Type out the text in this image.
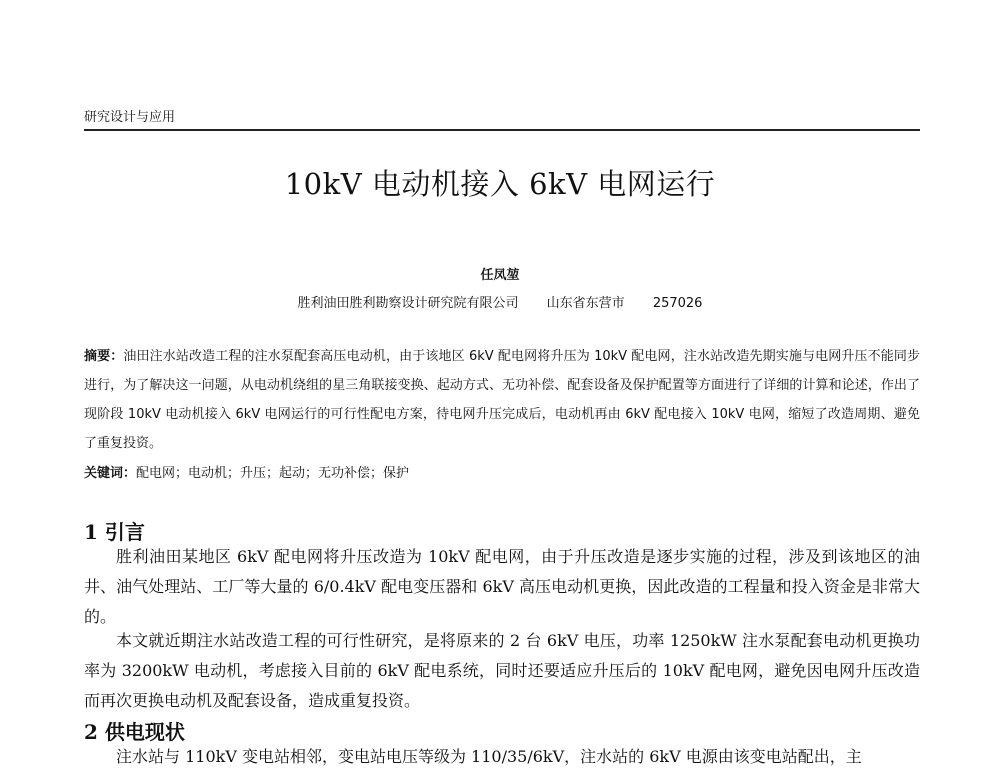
研究设计与应用
10kV 电动机接入 6kV 电网运行
任凤堃
胜利油田胜利勘察设计研究院有限公司 山东省东营市 257026
摘要：油田注水站改造工程的注水泵配套高压电动机，由于该地区 6kV 配电网将升压为 10kV 配电网，注水站改造先期实施与电网升压不能同步进行，为了解决这一问题，从电动机绕组的星三角联接变换、起动方式、无功补偿、配套设备及保护配置等方面进行了详细的计算和论述，作出了现阶段 10kV 电动机接入 6kV 电网运行的可行性配电方案，待电网升压完成后，电动机再由 6kV 配电接入 10kV 电网，缩短了改造周期、避免了重复投资。
关键词：配电网；电动机；升压；起动；无功补偿；保护
1 引言
胜利油田某地区 6kV 配电网将升压改造为 10kV 配电网，由于升压改造是逐步实施的过程，涉及到该地区的油井、油气处理站、工厂等大量的 6/0.4kV 配电变压器和 6kV 高压电动机更换，因此改造的工程量和投入资金是非常大的。
本文就近期注水站改造工程的可行性研究，是将原来的 2 台 6kV 电压，功率 1250kW 注水泵配套电动机更换功率为 3200kW 电动机，考虑接入目前的 6kV 配电系统，同时还要适应升压后的 10kV 配电网，避免因电网升压改造而再次更换电动机及配套设备，造成重复投资。
2 供电现状
注水站与 110kV 变电站相邻，变电站电压等级为 110/35/6kV，注水站的 6kV 电源由该变电站配出，主
